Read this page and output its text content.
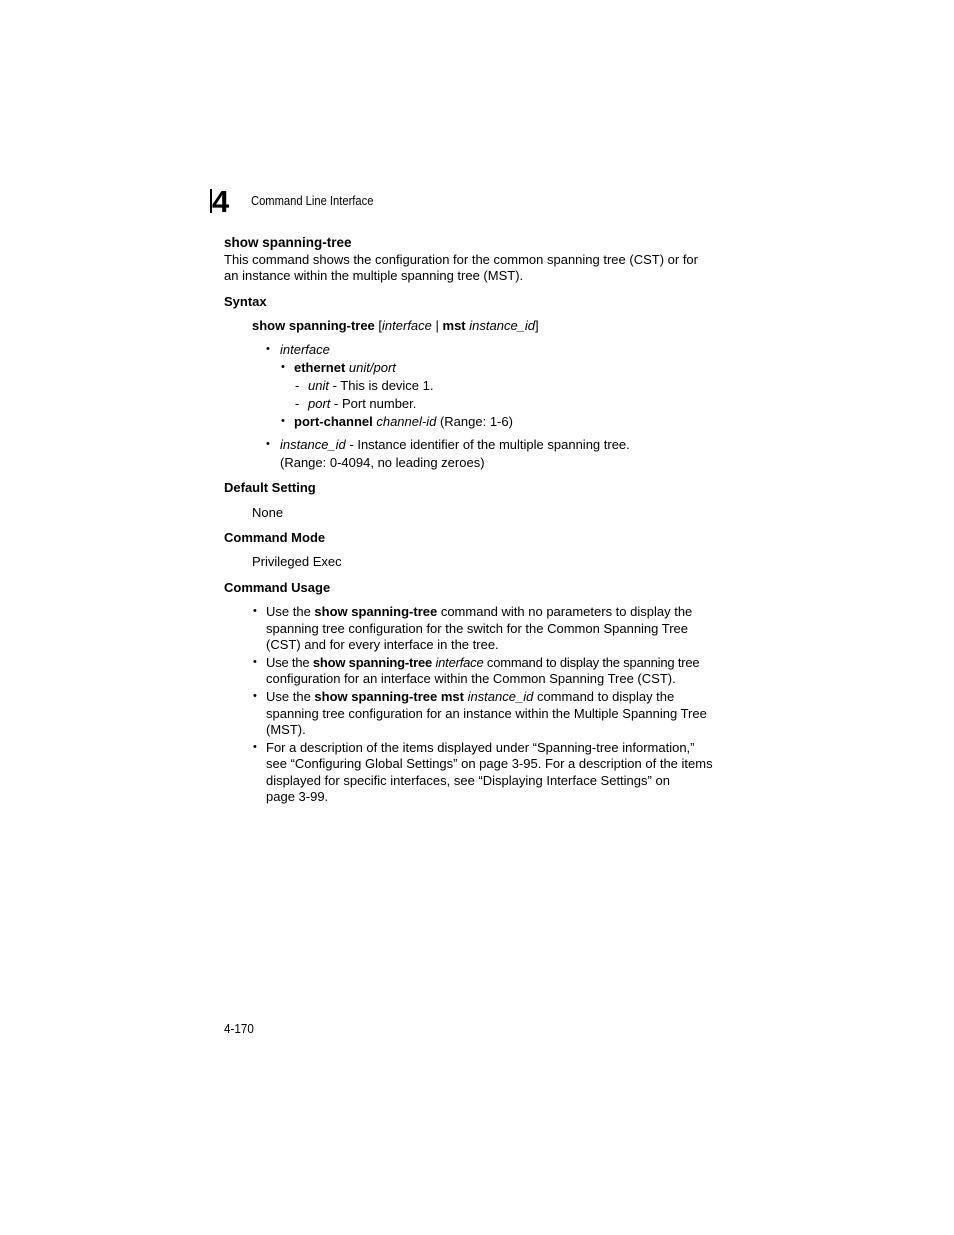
4 Command Line Interface
show spanning-tree
This command shows the configuration for the common spanning tree (CST) or for
an instance within the multiple spanning tree (MST).
Syntax
show spanning-tree [interface | mst instance_id]
• interface
• ethernet unit/port
- unit - This is device 1.
- port - Port number.
• port-channel channel-id (Range: 1-6)
• instance_id - Instance identifier of the multiple spanning tree.
(Range: 0-4094, no leading zeroes)
Default Setting
None
Command Mode
Privileged Exec
Command Usage
• Use the show spanning-tree command with no parameters to display the
spanning tree configuration for the switch for the Common Spanning Tree
(CST) and for every interface in the tree.
• Use the show spanning-tree interface command to display the spanning tree
configuration for an interface within the Common Spanning Tree (CST).
• Use the show spanning-tree mst instance_id command to display the
spanning tree configuration for an instance within the Multiple Spanning Tree
(MST).
• For a description of the items displayed under “Spanning-tree information,”
see “Configuring Global Settings” on page 3-95. For a description of the items
displayed for specific interfaces, see “Displaying Interface Settings” on
page 3-99.
4-170
